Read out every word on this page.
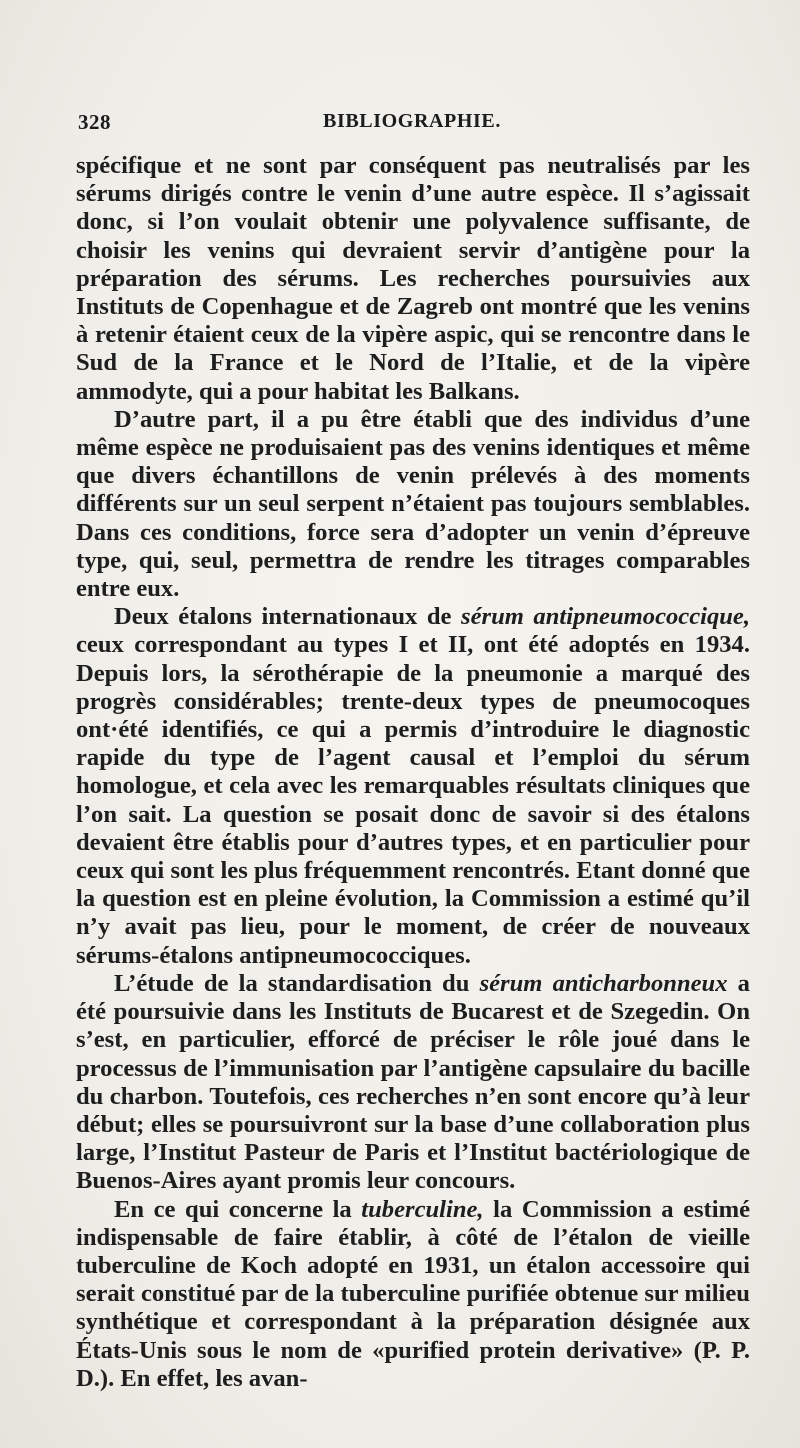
328	BIBLIOGRAPHIE.

spécifique et ne sont par conséquent pas neutralisés par les sérums dirigés contre le venin d’une autre espèce. Il s’agissait donc, si l’on voulait obtenir une polyvalence suffisante, de choisir les venins qui devraient servir d’antigène pour la préparation des sérums. Les recherches poursuivies aux Instituts de Copenhague et de Zagreb ont montré que les venins à retenir étaient ceux de la vipère aspic, qui se rencontre dans le Sud de la France et le Nord de l’Italie, et de la vipère ammodyte, qui a pour habitat les Balkans.

D’autre part, il a pu être établi que des individus d’une même espèce ne produisaient pas des venins identiques et même que divers échantillons de venin prélevés à des moments différents sur un seul serpent n’étaient pas toujours semblables. Dans ces conditions, force sera d’adopter un venin d’épreuve type, qui, seul, permettra de rendre les titrages comparables entre eux.

Deux étalons internationaux de sérum antipneumococcique, ceux correspondant au types I et II, ont été adoptés en 1934. Depuis lors, la sérothérapie de la pneumonie a marqué des progrès considérables; trente-deux types de pneumocoques ont·été identifiés, ce qui a permis d’introduire le diagnostic rapide du type de l’agent causal et l’emploi du sérum homologue, et cela avec les remarquables résultats cliniques que l’on sait. La question se posait donc de savoir si des étalons devaient être établis pour d’autres types, et en particulier pour ceux qui sont les plus fréquemment rencontrés. Etant donné que la question est en pleine évolution, la Commission a estimé qu’il n’y avait pas lieu, pour le moment, de créer de nouveaux sérums-étalons antipneumococciques.

L’étude de la standardisation du sérum anticharbonneux a été poursuivie dans les Instituts de Bucarest et de Szegedin. On s’est, en particulier, efforcé de préciser le rôle joué dans le processus de l’immunisation par l’antigène capsulaire du bacille du charbon. Toutefois, ces recherches n’en sont encore qu’à leur début; elles se poursuivront sur la base d’une collaboration plus large, l’Institut Pasteur de Paris et l’Institut bactériologique de Buenos-Aires ayant promis leur concours.

En ce qui concerne la tuberculine, la Commission a estimé indispensable de faire établir, à côté de l’étalon de vieille tuberculine de Koch adopté en 1931, un étalon accessoire qui serait constitué par de la tuberculine purifiée obtenue sur milieu synthétique et correspondant à la préparation désignée aux États-Unis sous le nom de «purified protein derivative» (P. P. D.). En effet, les avan-
